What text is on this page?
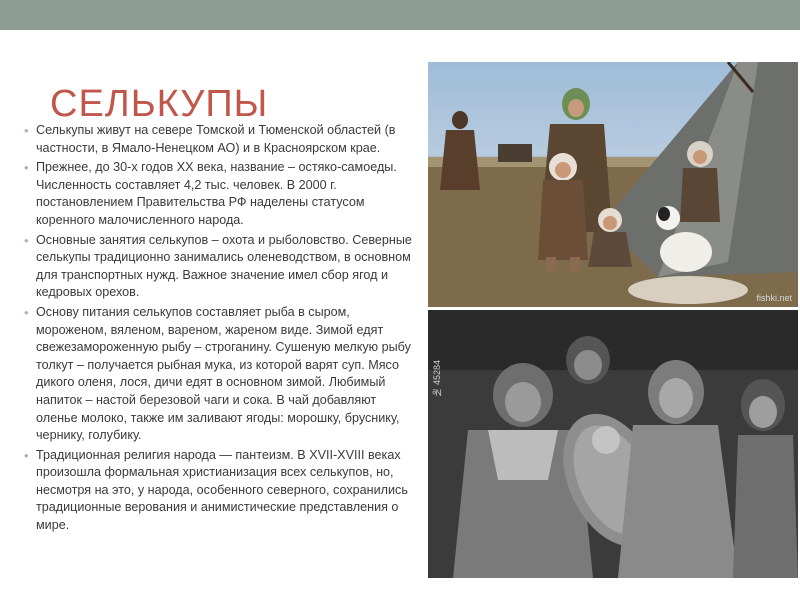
СЕЛЬКУПЫ
• Селькупы живут на севере Томской и Тюменской областей (в частности, в Ямало-Ненецком АО) и в Красноярском крае.
• Прежнее, до 30-х годов XX века, название – остяко-самоеды. Численность составляет 4,2 тыс. человек. В 2000 г. постановлением Правительства РФ наделены статусом коренного малочисленного народа.
• Основные занятия селькупов – охота и рыболовство. Северные селькупы традиционно занимались оленеводством, в основном для транспортных нужд. Важное значение имел сбор ягод и кедровых орехов.
• Основу питания селькупов составляет рыба в сыром, мороженом, вяленом, вареном, жареном виде. Зимой едят свежезамороженную рыбу – строганину. Сушеную мелкую рыбу толкут – получается рыбная мука, из которой варят суп. Мясо дикого оленя, лося, дичи едят в основном зимой. Любимый напиток – настой березовой чаги и сока. В чай добавляют оленье молоко, также им заливают ягоды: морошку, бруснику, чернику, голубику.
• Традиционная религия народа — пантеизм. В XVII-XVIII веках произошла формальная христианизация всех селькупов, но, несмотря на это, у народа, особенного северного, сохранились традиционные верования и анимистические представления о мире.
fishki.net
№ 45284
